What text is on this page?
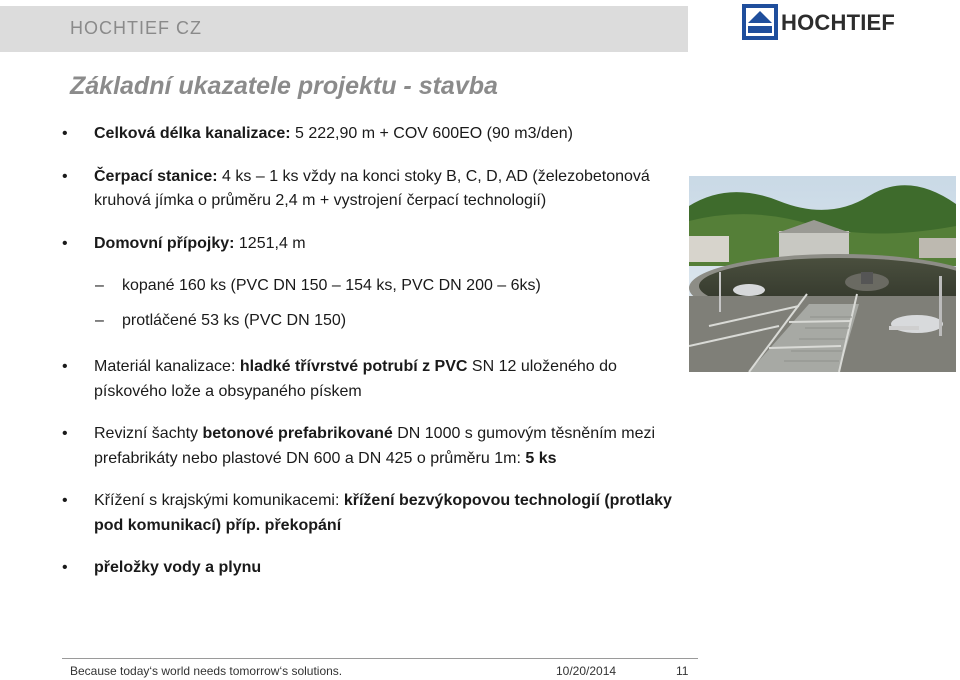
HOCHTIEF CZ	HOCHTIEF
Základní ukazatele projektu - stavba
•	Celková délka kanalizace: 5 222,90 m + COV 600EO (90 m3/den)
•	Čerpací stanice: 4 ks – 1 ks vždy na konci stoky B, C, D, AD (železobetonová kruhová jímka o průměru 2,4 m + vystrojení čerpací technologií)
•	Domovní přípojky: 1251,4 m
– kopané 160 ks (PVC DN 150 – 154 ks, PVC DN 200 – 6ks)
– protláčené 53 ks (PVC DN 150)
•	Materiál kanalizace: hladké třívrstvé potrubí z PVC SN 12 uloženého do pískového lože a obsypaného pískem
•	Revizní šachty betonové prefabrikované DN 1000 s gumovým těsněním mezi prefabrikáty nebo plastové DN 600 a DN 425 o průměru 1m: 5 ks
•	Křížení s krajskými komunikacemi: křížení bezvýkopovou technologií (protlaky pod komunikací) příp. překopání
•	přeložky vody a plynu
Because today‘s world needs tomorrow‘s solutions.	10/20/2014	11
